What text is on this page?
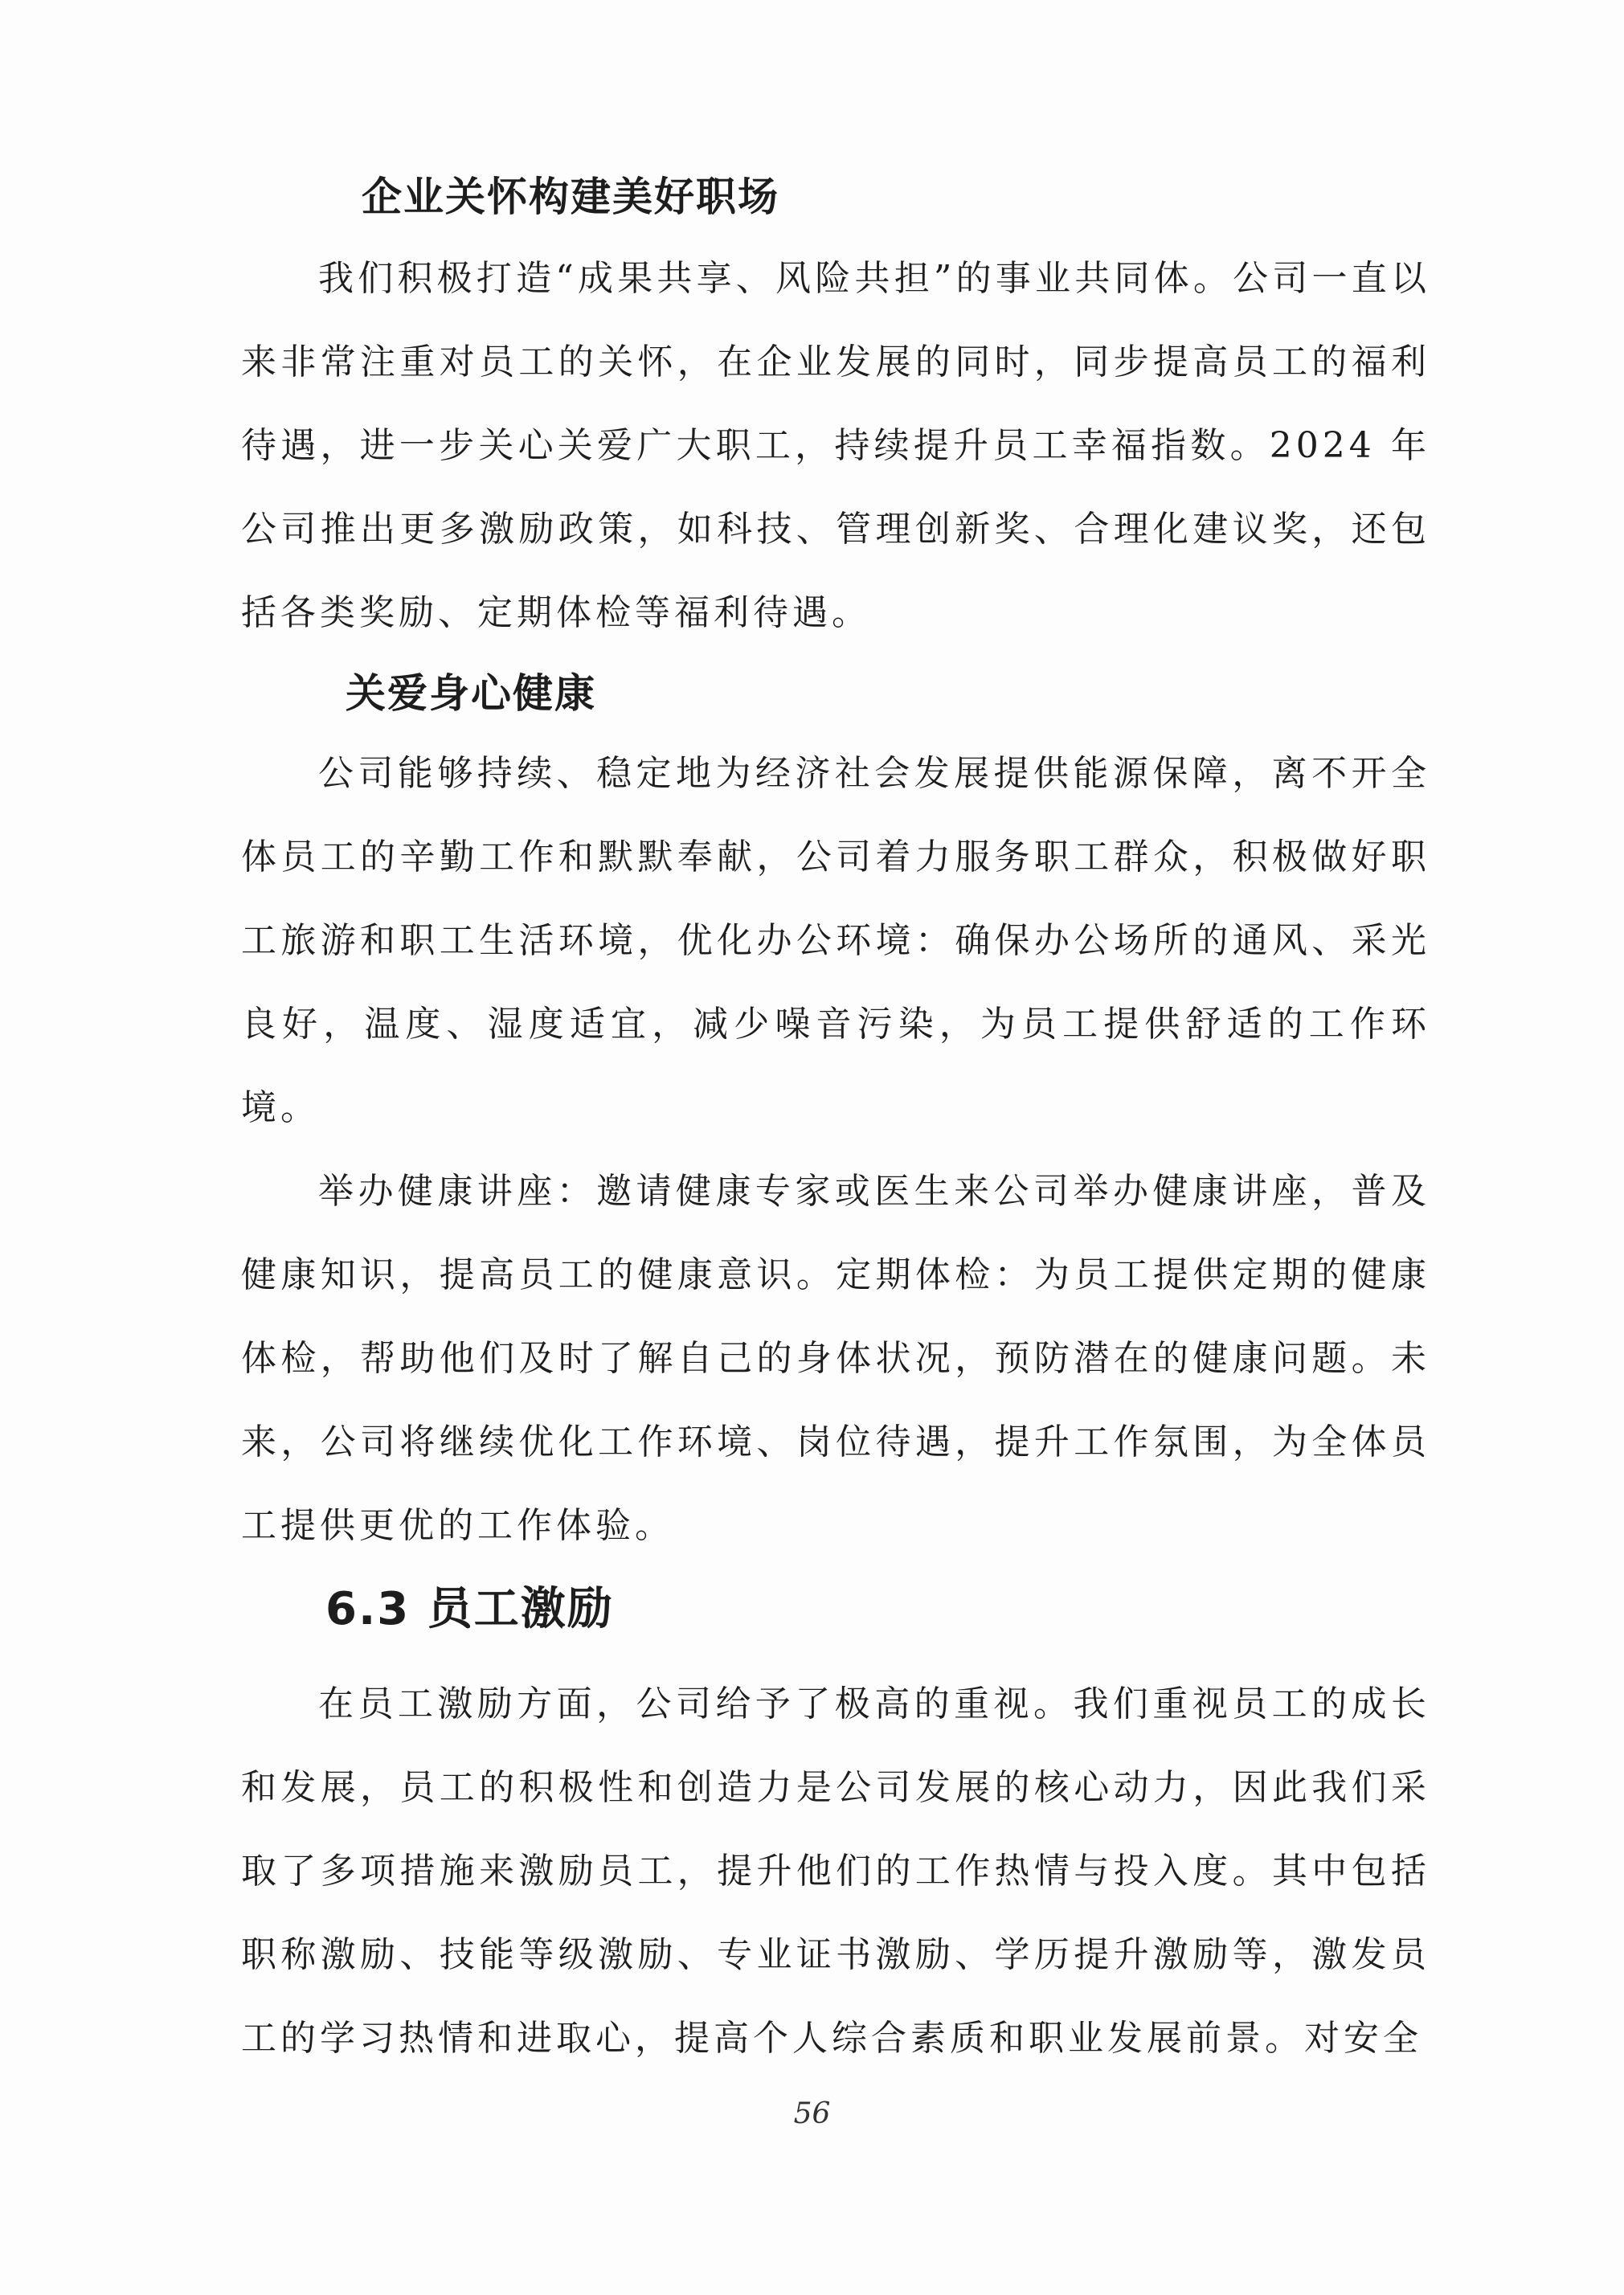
企业关怀构建美好职场

我们积极打造“成果共享、风险共担”的事业共同体。公司一直以来非常注重对员工的关怀，在企业发展的同时，同步提高员工的福利待遇，进一步关心关爱广大职工，持续提升员工幸福指数。2024 年公司推出更多激励政策，如科技、管理创新奖、合理化建议奖，还包括各类奖励、定期体检等福利待遇。

关爱身心健康

公司能够持续、稳定地为经济社会发展提供能源保障，离不开全体员工的辛勤工作和默默奉献，公司着力服务职工群众，积极做好职工旅游和职工生活环境，优化办公环境：确保办公场所的通风、采光良好，温度、湿度适宜，减少噪音污染，为员工提供舒适的工作环境。

举办健康讲座：邀请健康专家或医生来公司举办健康讲座，普及健康知识，提高员工的健康意识。定期体检：为员工提供定期的健康体检，帮助他们及时了解自己的身体状况，预防潜在的健康问题。未来，公司将继续优化工作环境、岗位待遇，提升工作氛围，为全体员工提供更优的工作体验。

6.3 员工激励

在员工激励方面，公司给予了极高的重视。我们重视员工的成长和发展，员工的积极性和创造力是公司发展的核心动力，因此我们采取了多项措施来激励员工，提升他们的工作热情与投入度。其中包括职称激励、技能等级激励、专业证书激励、学历提升激励等，激发员工的学习热情和进取心，提高个人综合素质和职业发展前景。对安全

56
